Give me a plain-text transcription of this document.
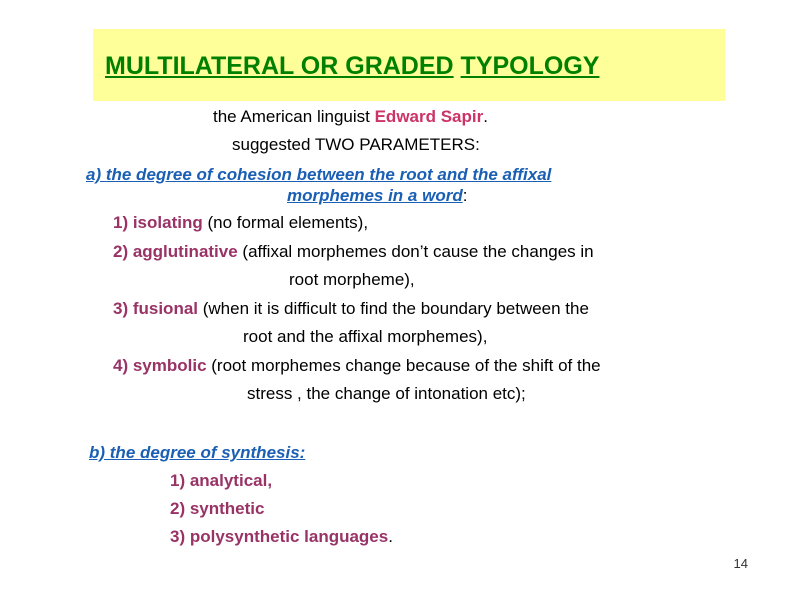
MULTILATERAL OR GRADED TYPOLOGY
the American linguist Edward Sapir.
suggested TWO PARAMETERS:
a) the degree of cohesion between the root and the affixal
morphemes in a word:
1) isolating (no formal elements),
2) agglutinative (affixal morphemes don’t cause the changes in
root morpheme),
3) fusional (when it is difficult to find the boundary between the
root and the affixal morphemes),
4) symbolic (root morphemes change because of the shift of the
stress , the change of intonation etc);
b) the degree of synthesis:
1) analytical,
2) synthetic
3) polysynthetic languages.
14
